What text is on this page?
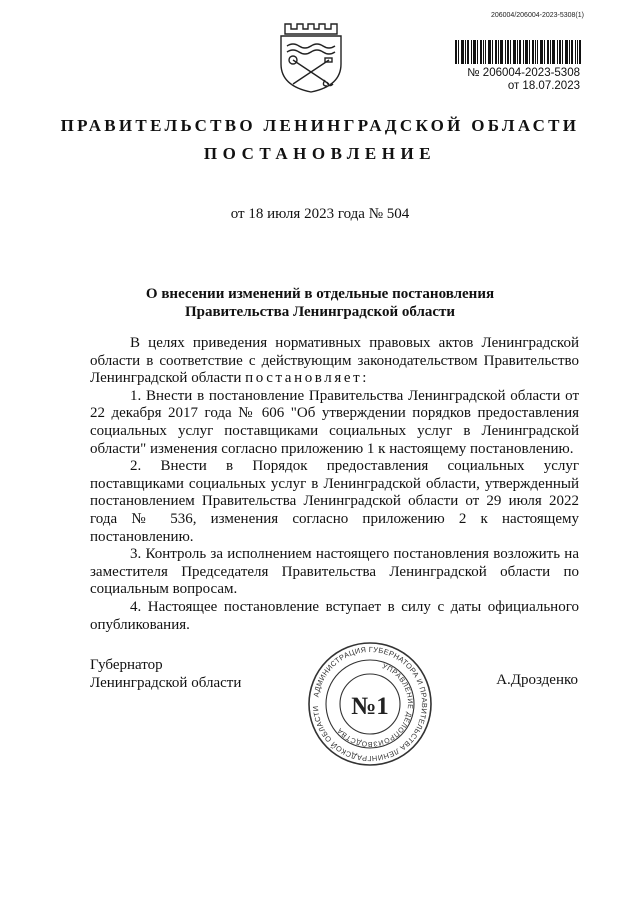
206004/206004-2023-5308(1)
№ 206004-2023-5308
от 18.07.2023
ПРАВИТЕЛЬСТВО ЛЕНИНГРАДСКОЙ ОБЛАСТИ
ПОСТАНОВЛЕНИЕ
от 18 июля 2023 года № 504
О внесении изменений в отдельные постановления
Правительства Ленинградской области

В целях приведения нормативных правовых актов Ленинградской области в соответствие с действующим законодательством Правительство Ленинградской области постановляет:

1. Внести в постановление Правительства Ленинградской области от 22 декабря 2017 года № 606 "Об утверждении порядков предоставления социальных услуг поставщиками социальных услуг в Ленинградской области" изменения согласно приложению 1 к настоящему постановлению.

2. Внести в Порядок предоставления социальных услуг поставщиками социальных услуг в Ленинградской области, утвержденный постановлением Правительства Ленинградской области от 29 июля 2022 года № 536, изменения согласно приложению 2 к настоящему постановлению.

3. Контроль за исполнением настоящего постановления возложить на заместителя Председателя Правительства Ленинградской области по социальным вопросам.

4. Настоящее постановление вступает в силу с даты официального опубликования.

Губернатор
Ленинградской области	А.Дрозденко
АДМИНИСТРАЦИЯ ГУБЕРНАТОРА И ПРАВИТЕЛЬСТВА ЛЕНИНГРАДСКОЙ ОБЛАСТИ
УПРАВЛЕНИЕ ДЕЛОПРОИЗВОДСТВА
№1
